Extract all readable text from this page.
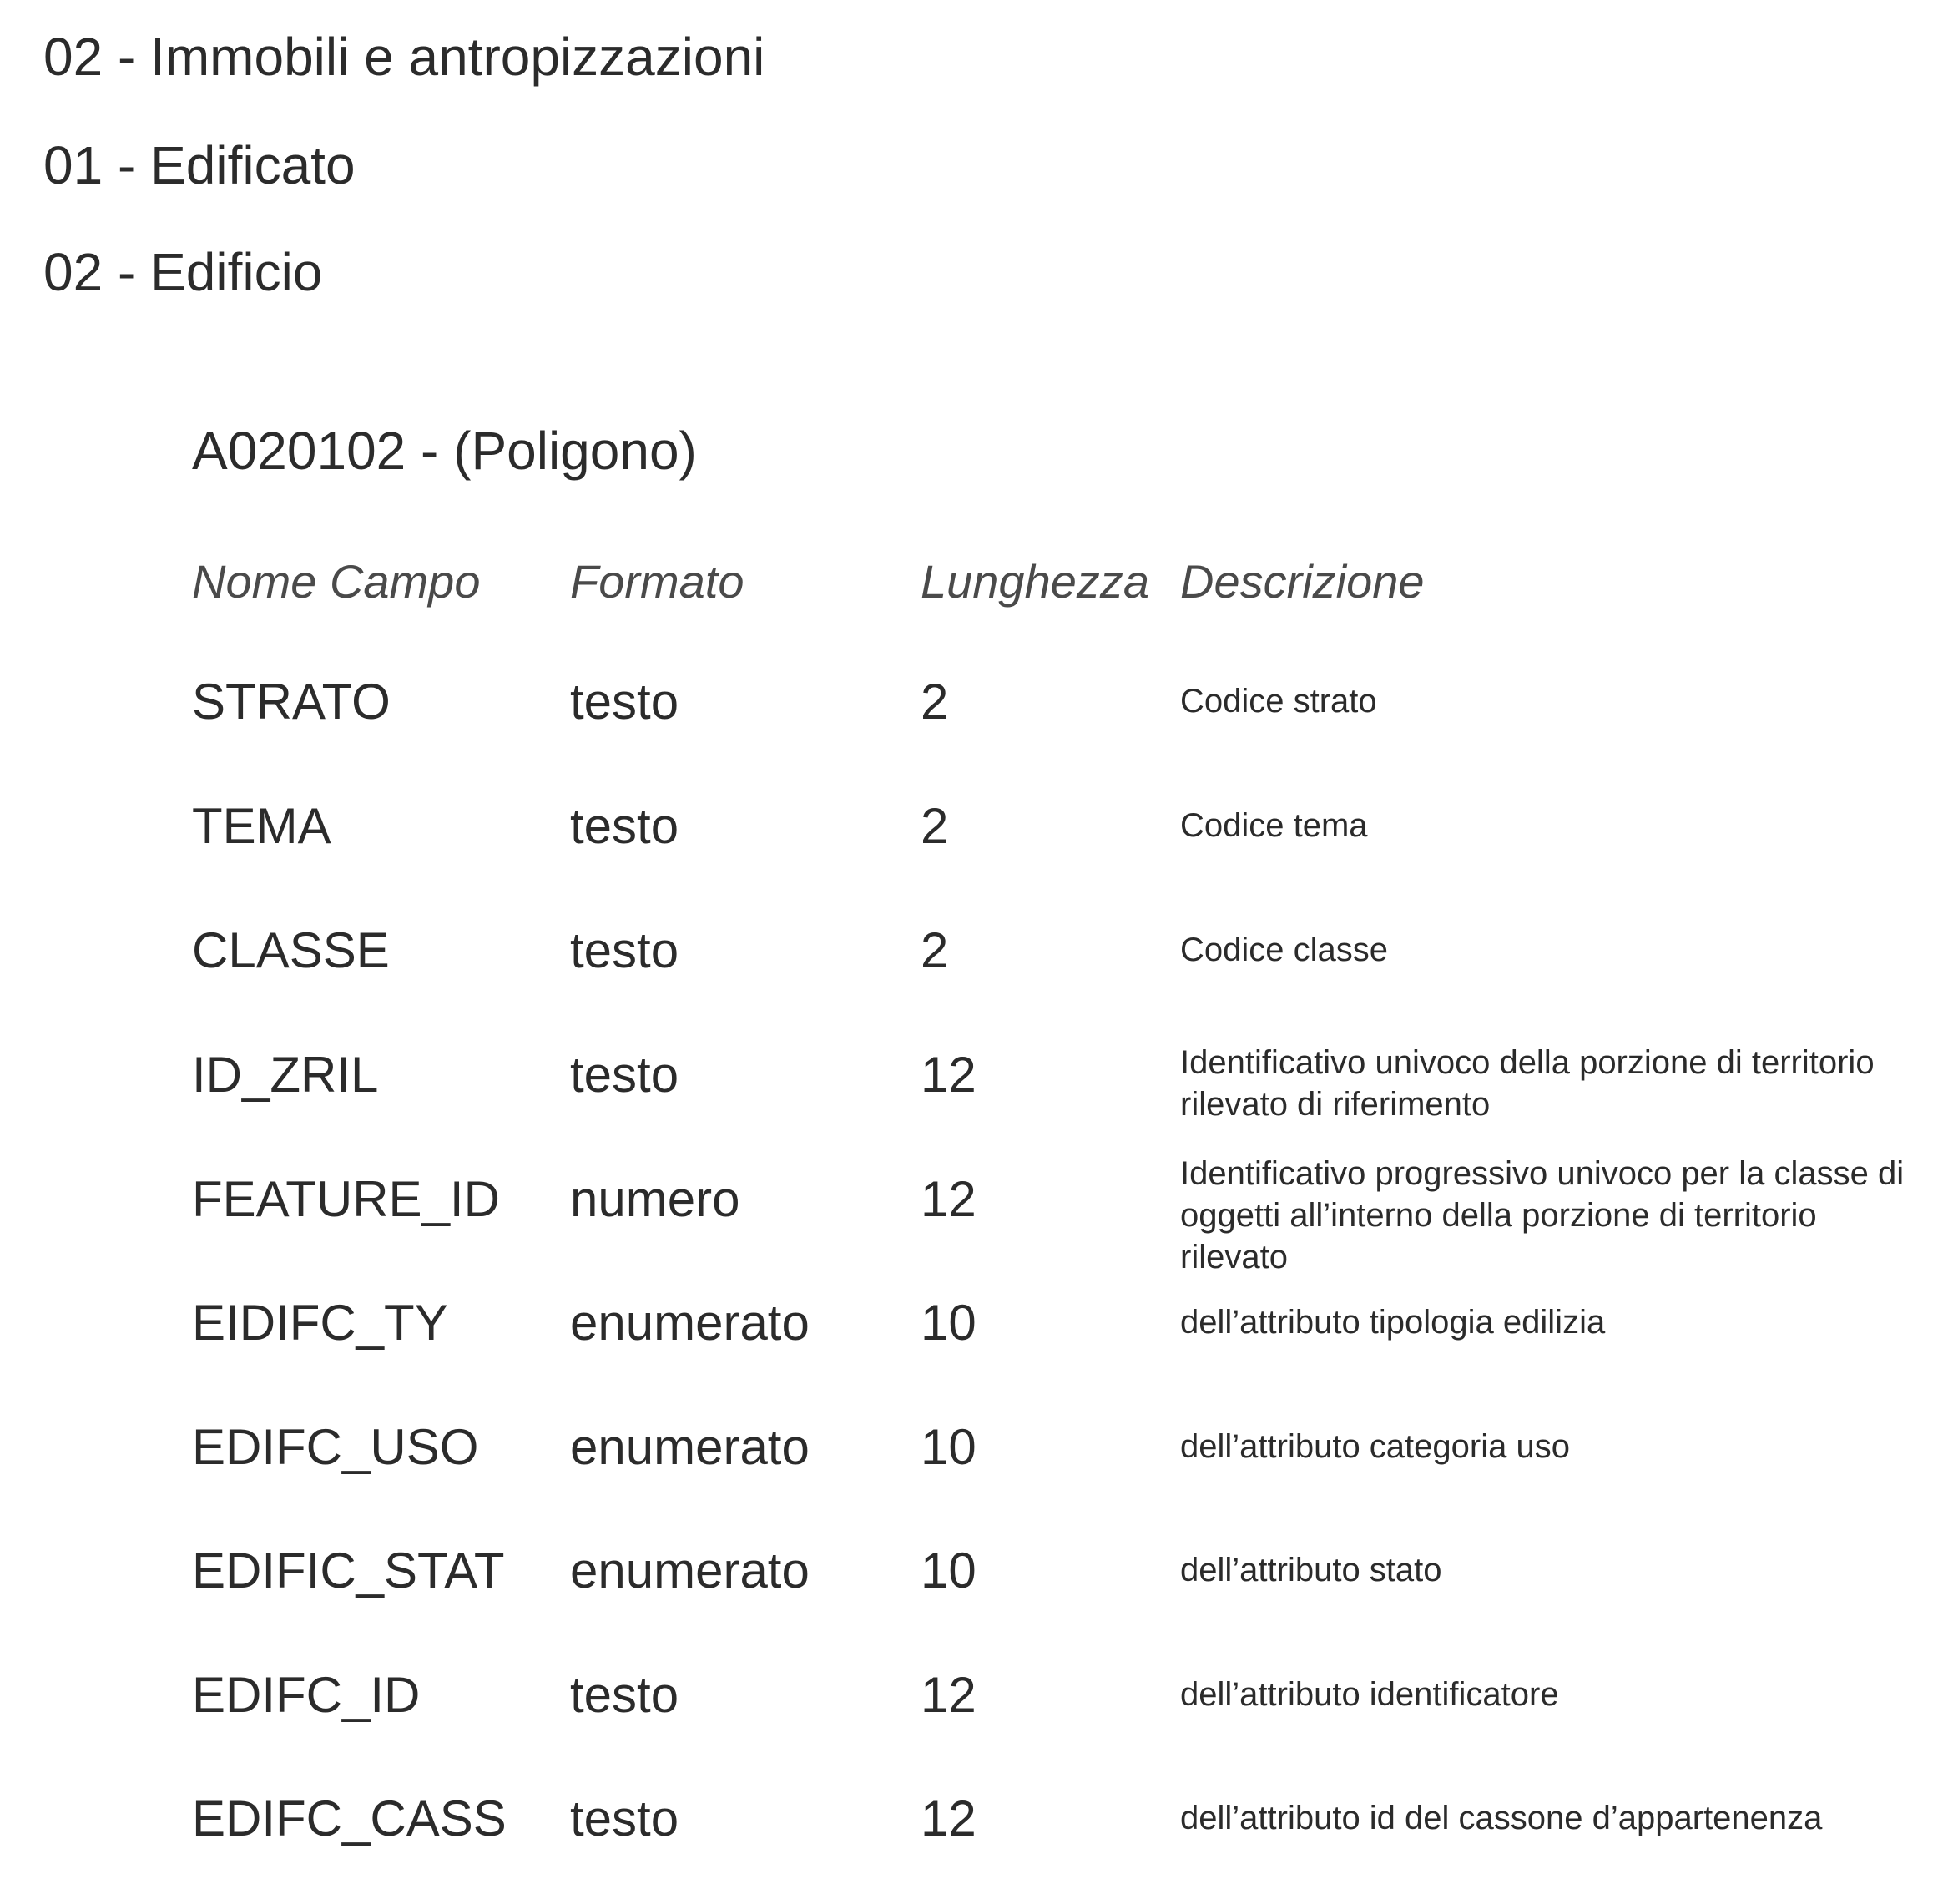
02 - Immobili e antropizzazioni
01 - Edificato
02 - Edificio
A020102 - (Poligono)
Nome Campo Formato	Lunghezza Descrizione
STRATO	testo	2	Codice strato
TEMA	testo	2	Codice tema
CLASSE	testo	2	Codice classe
ID_ZRIL	testo	12	Identificativo univoco della porzione di territorio rilevato di riferimento
FEATURE_ID numero	12	Identificativo progressivo univoco per la classe di oggetti all’interno della porzione di territorio rilevato
EIDIFC_TY enumerato 10	dell’attributo tipologia edilizia
EDIFC_USO enumerato 10	dell’attributo categoria uso
EDIFIC_STAT enumerato 10	dell’attributo stato
EDIFC_ID	testo	12	dell’attributo identificatore
EDIFC_CASS testo	12	dell’attributo id del cassone d’appartenenza
